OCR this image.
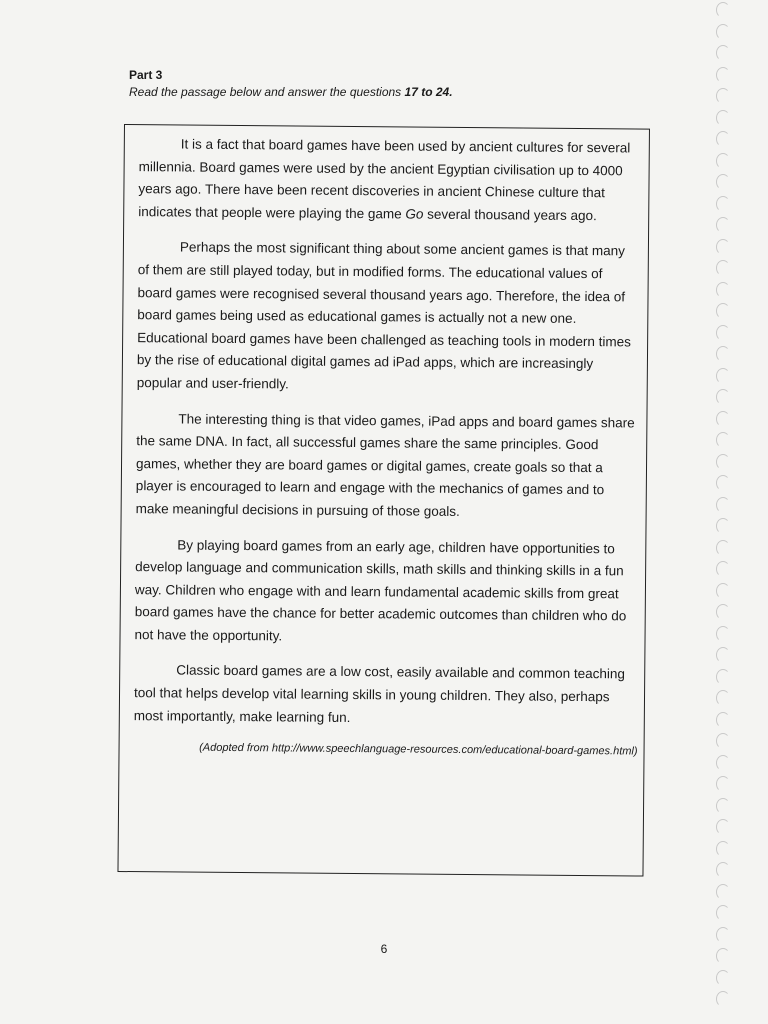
Part 3
Read the passage below and answer the questions 17 to 24.

It is a fact that board games have been used by ancient cultures for several millennia. Board games were used by the ancient Egyptian civilisation up to 4000 years ago. There have been recent discoveries in ancient Chinese culture that indicates that people were playing the game Go several thousand years ago.

Perhaps the most significant thing about some ancient games is that many of them are still played today, but in modified forms. The educational values of board games were recognised several thousand years ago. Therefore, the idea of board games being used as educational games is actually not a new one. Educational board games have been challenged as teaching tools in modern times by the rise of educational digital games ad iPad apps, which are increasingly popular and user-friendly.

The interesting thing is that video games, iPad apps and board games share the same DNA. In fact, all successful games share the same principles. Good games, whether they are board games or digital games, create goals so that a player is encouraged to learn and engage with the mechanics of games and to make meaningful decisions in pursuing of those goals.

By playing board games from an early age, children have opportunities to develop language and communication skills, math skills and thinking skills in a fun way. Children who engage with and learn fundamental academic skills from great board games have the chance for better academic outcomes than children who do not have the opportunity.

Classic board games are a low cost, easily available and common teaching tool that helps develop vital learning skills in young children. They also, perhaps most importantly, make learning fun.

(Adopted from http://www.speechlanguage-resources.com/educational-board-games.html)
6
